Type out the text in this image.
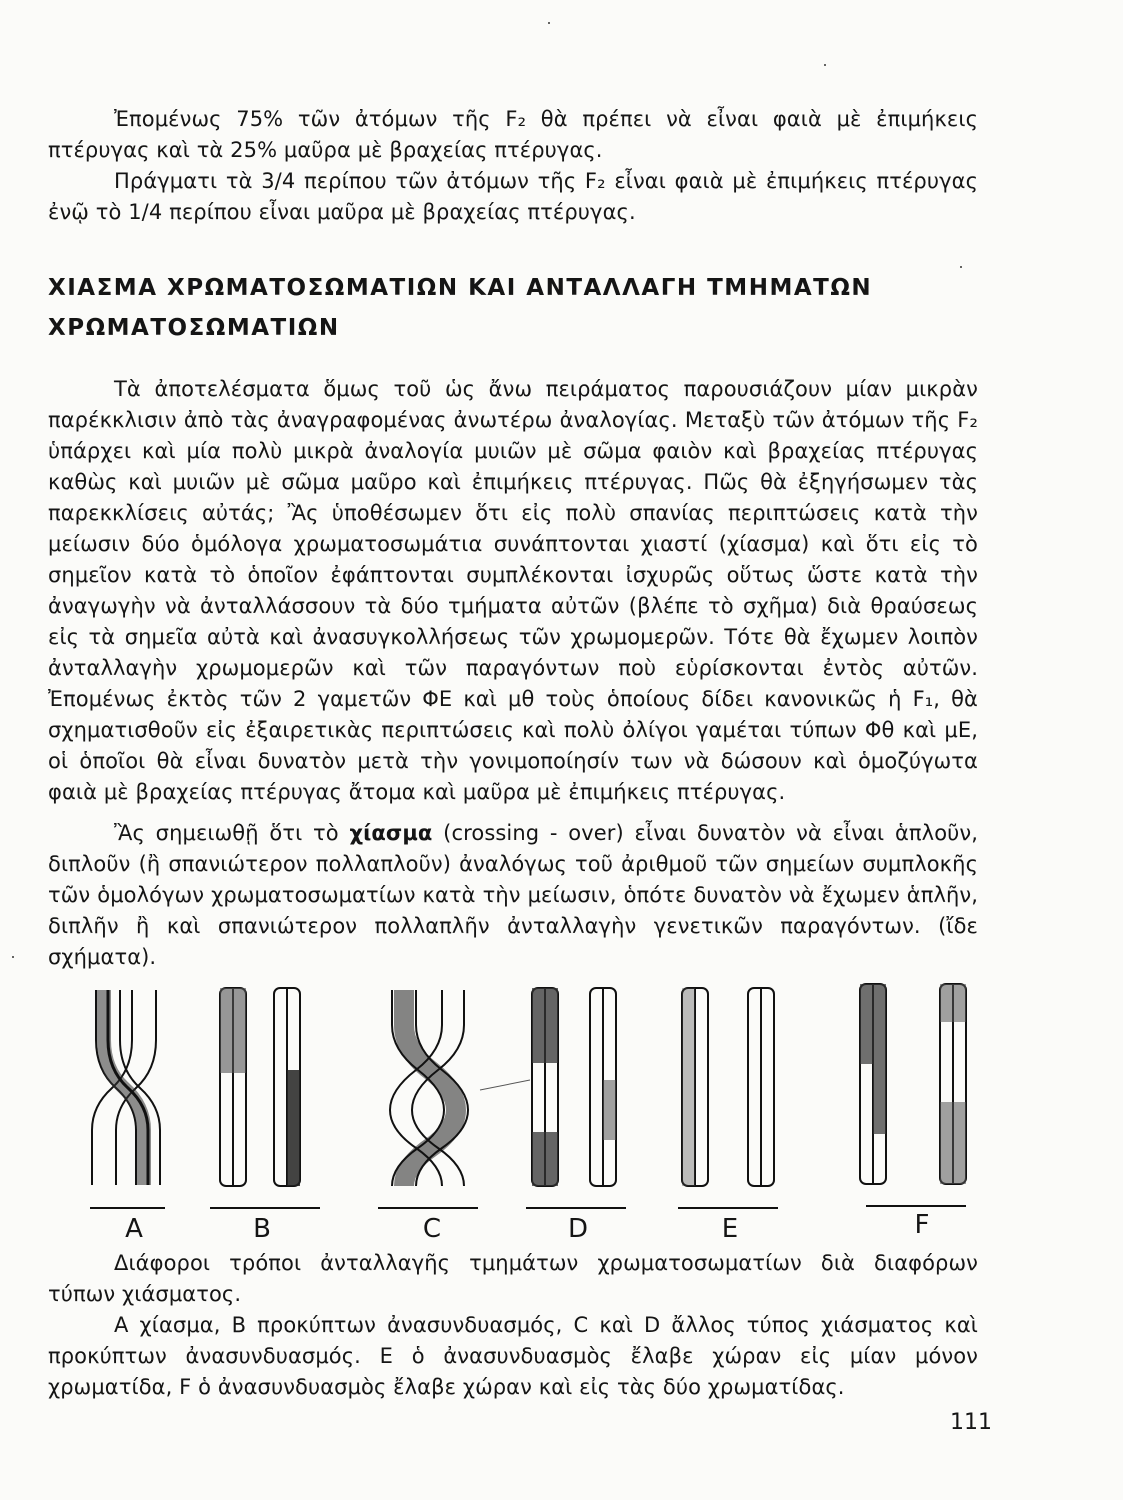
Ἐπομένως 75% τῶν ἀτόμων τῆς F₂ θὰ πρέπει νὰ εἶναι φαιὰ μὲ ἐπιμήκεις πτέρυγας καὶ τὰ 25% μαῦρα μὲ βραχείας πτέρυγας.

Πράγματι τὰ 3/4 περίπου τῶν ἀτόμων τῆς F₂ εἶναι φαιὰ μὲ ἐπιμήκεις πτέρυγας ἐνῷ τὸ 1/4 περίπου εἶναι μαῦρα μὲ βραχείας πτέρυγας.

ΧΙΑΣΜΑ ΧΡΩΜΑΤΟΣΩΜΑΤΙΩΝ ΚΑΙ ΑΝΤΑΛΛΑΓΗ ΤΜΗΜΑΤΩΝ ΧΡΩΜΑΤΟΣΩΜΑΤΙΩΝ

Τὰ ἀποτελέσματα ὅμως τοῦ ὡς ἄνω πειράματος παρουσιάζουν μίαν μικρὰν παρέκκλισιν ἀπὸ τὰς ἀναγραφομένας ἀνωτέρω ἀναλογίας. Μεταξὺ τῶν ἀτόμων τῆς F₂ ὑπάρχει καὶ μία πολὺ μικρὰ ἀναλογία μυιῶν μὲ σῶμα φαιὸν καὶ βραχείας πτέρυγας καθὼς καὶ μυιῶν μὲ σῶμα μαῦρο καὶ ἐπιμήκεις πτέρυγας. Πῶς θὰ ἐξηγήσωμεν τὰς παρεκκλίσεις αὐτάς; Ἂς ὑποθέσωμεν ὅτι εἰς πολὺ σπανίας περιπτώσεις κατὰ τὴν μείωσιν δύο ὁμόλογα χρωματοσωμάτια συνάπτονται χιαστί (χίασμα) καὶ ὅτι εἰς τὸ σημεῖον κατὰ τὸ ὁποῖον ἐφάπτονται συμπλέκονται ἰσχυρῶς οὕτως ὥστε κατὰ τὴν ἀναγωγὴν νὰ ἀνταλλάσσουν τὰ δύο τμήματα αὐτῶν (βλέπε τὸ σχῆμα) διὰ θραύσεως εἰς τὰ σημεῖα αὐτὰ καὶ ἀνασυγκολλήσεως τῶν χρωμομερῶν. Τότε θὰ ἔχωμεν λοιπὸν ἀνταλλαγὴν χρωμομερῶν καὶ τῶν παραγόντων ποὺ εὑρίσκονται ἐντὸς αὐτῶν. Ἐπομένως ἐκτὸς τῶν 2 γαμετῶν ΦΕ καὶ μθ τοὺς ὁποίους δίδει κανονικῶς ἡ F₁, θὰ σχηματισθοῦν εἰς ἐξαιρετικὰς περιπτώσεις καὶ πολὺ ὀλίγοι γαμέται τύπων Φθ καὶ μΕ, οἱ ὁποῖοι θὰ εἶναι δυνατὸν μετὰ τὴν γονιμοποίησίν των νὰ δώσουν καὶ ὁμοζύγωτα φαιὰ μὲ βραχείας πτέρυγας ἄτομα καὶ μαῦρα μὲ ἐπιμήκεις πτέρυγας.

Ἂς σημειωθῇ ὅτι τὸ χίασμα (crossing - over) εἶναι δυνατὸν νὰ εἶναι ἁπλοῦν, διπλοῦν (ἢ σπανιώτερον πολλαπλοῦν) ἀναλόγως τοῦ ἀριθμοῦ τῶν σημείων συμπλοκῆς τῶν ὁμολόγων χρωματοσωματίων κατὰ τὴν μείωσιν, ὁπότε δυνατὸν νὰ ἔχωμεν ἁπλῆν, διπλῆν ἢ καὶ σπανιώτερον πολλαπλῆν ἀνταλλαγὴν γενετικῶν παραγόντων. (ἴδε σχήματα).

A	B	C	D	E	F

Διάφοροι τρόποι ἀνταλλαγῆς τμημάτων χρωματοσωματίων διὰ διαφόρων τύπων χιάσματος.

Α χίασμα, Β προκύπτων ἀνασυνδυασμός, C καὶ D ἄλλος τύπος χιάσματος καὶ προκύπτων ἀνασυνδυασμός. Ε ὁ ἀνασυνδυασμὸς ἔλαβε χώραν εἰς μίαν μόνον χρωματίδα, F ὁ ἀνασυνδυασμὸς ἔλαβε χώραν καὶ εἰς τὰς δύο χρωματίδας.

111
